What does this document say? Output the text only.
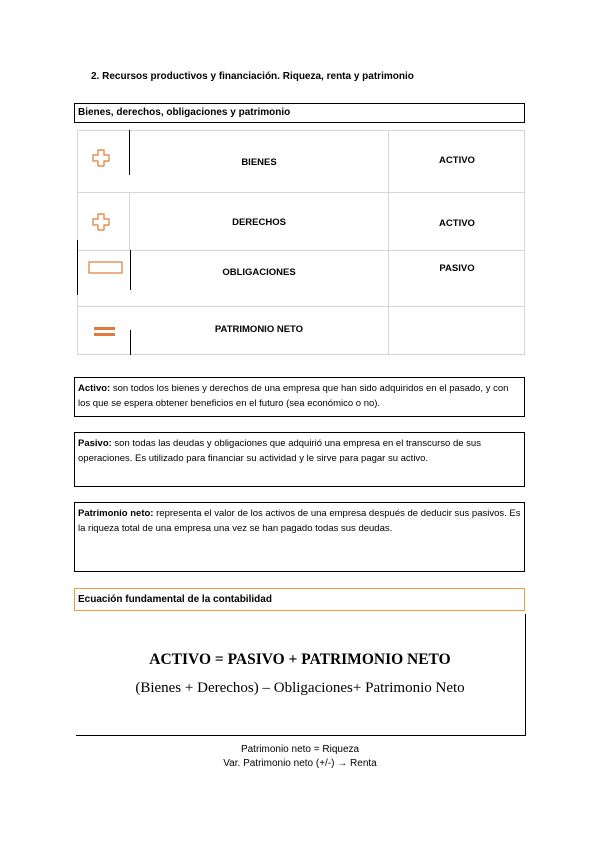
2. Recursos productivos y financiación. Riqueza, renta y patrimonio
Bienes, derechos, obligaciones y patrimonio
BIENES	ACTIVO
DERECHOS	ACTIVO
OBLIGACIONES	PASIVO
PATRIMONIO NETO
Activo: son todos los bienes y derechos de una empresa que han sido adquiridos en el pasado, y con los que se espera obtener beneficios en el futuro (sea económico o no).
Pasivo: son todas las deudas y obligaciones que adquirió una empresa en el transcurso de sus operaciones. Es utilizado para financiar su actividad y le sirve para pagar su activo.
Patrimonio neto: representa el valor de los activos de una empresa después de deducir sus pasivos. Es la riqueza total de una empresa una vez se han pagado todas sus deudas.
Ecuación fundamental de la contabilidad
ACTIVO = PASIVO + PATRIMONIO NETO
(Bienes + Derechos) – Obligaciones+ Patrimonio Neto
Patrimonio neto = Riqueza
Var. Patrimonio neto (+/-) → Renta
